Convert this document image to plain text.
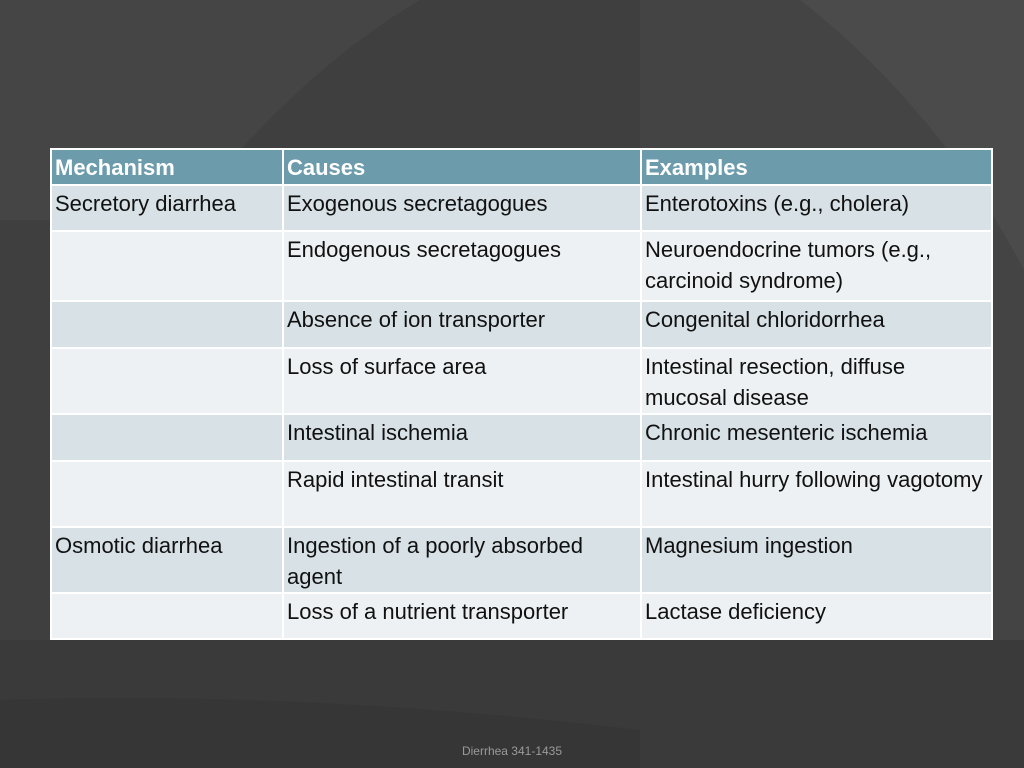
Mechanism	Causes	Examples
Secretory diarrhea	Exogenous secretagogues	Enterotoxins (e.g., cholera)
	Endogenous secretagogues	Neuroendocrine tumors (e.g., carcinoid syndrome)
	Absence of ion transporter	Congenital chloridorrhea
	Loss of surface area	Intestinal resection, diffuse mucosal disease
	Intestinal ischemia	Chronic mesenteric ischemia
	Rapid intestinal transit	Intestinal hurry following vagotomy
Osmotic diarrhea	Ingestion of a poorly absorbed agent	Magnesium ingestion
	Loss of a nutrient transporter	Lactase deficiency
Dierrhea 341-1435
